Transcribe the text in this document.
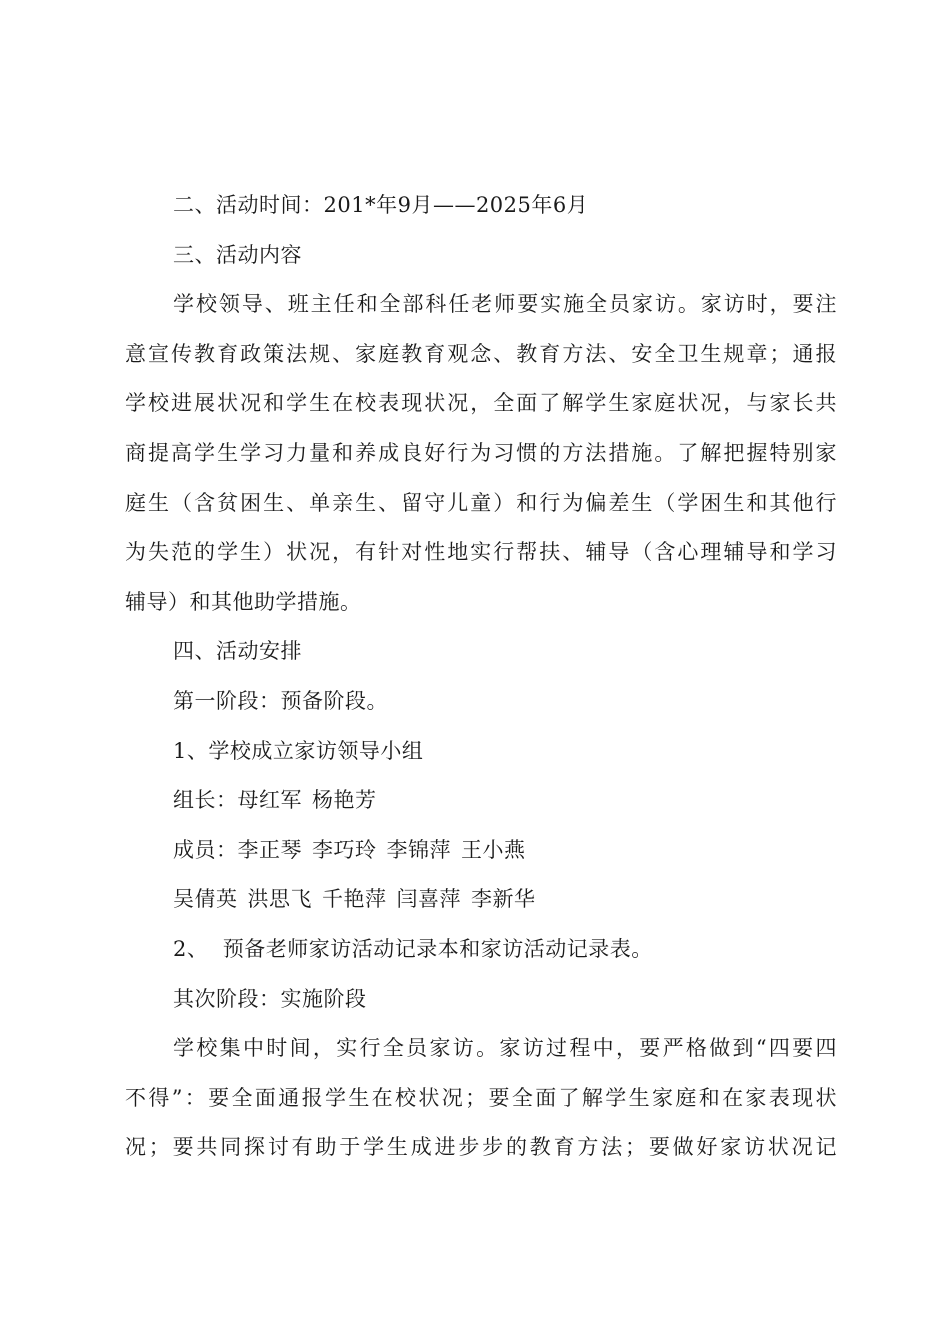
二、活动时间：201*年9月——2025年6月
三、活动内容
学校领导、班主任和全部科任老师要实施全员家访。家访时，要注
意宣传教育政策法规、家庭教育观念、教育方法、安全卫生规章；通报
学校进展状况和学生在校表现状况，全面了解学生家庭状况，与家长共
商提高学生学习力量和养成良好行为习惯的方法措施。了解把握特别家
庭生（含贫困生、单亲生、留守儿童）和行为偏差生（学困生和其他行
为失范的学生）状况，有针对性地实行帮扶、辅导（含心理辅导和学习
辅导）和其他助学措施。
四、活动安排
第一阶段：预备阶段。
1、学校成立家访领导小组
组长：母红军 杨艳芳
成员：李正琴 李巧玲 李锦萍 王小燕
吴倩英 洪思飞 千艳萍 闫喜萍 李新华
2、  预备老师家访活动记录本和家访活动记录表。
其次阶段：实施阶段
学校集中时间，实行全员家访。家访过程中，要严格做到“四要四
不得”：要全面通报学生在校状况；要全面了解学生家庭和在家表现状
况；要共同探讨有助于学生成进步步的教育方法；要做好家访状况记
